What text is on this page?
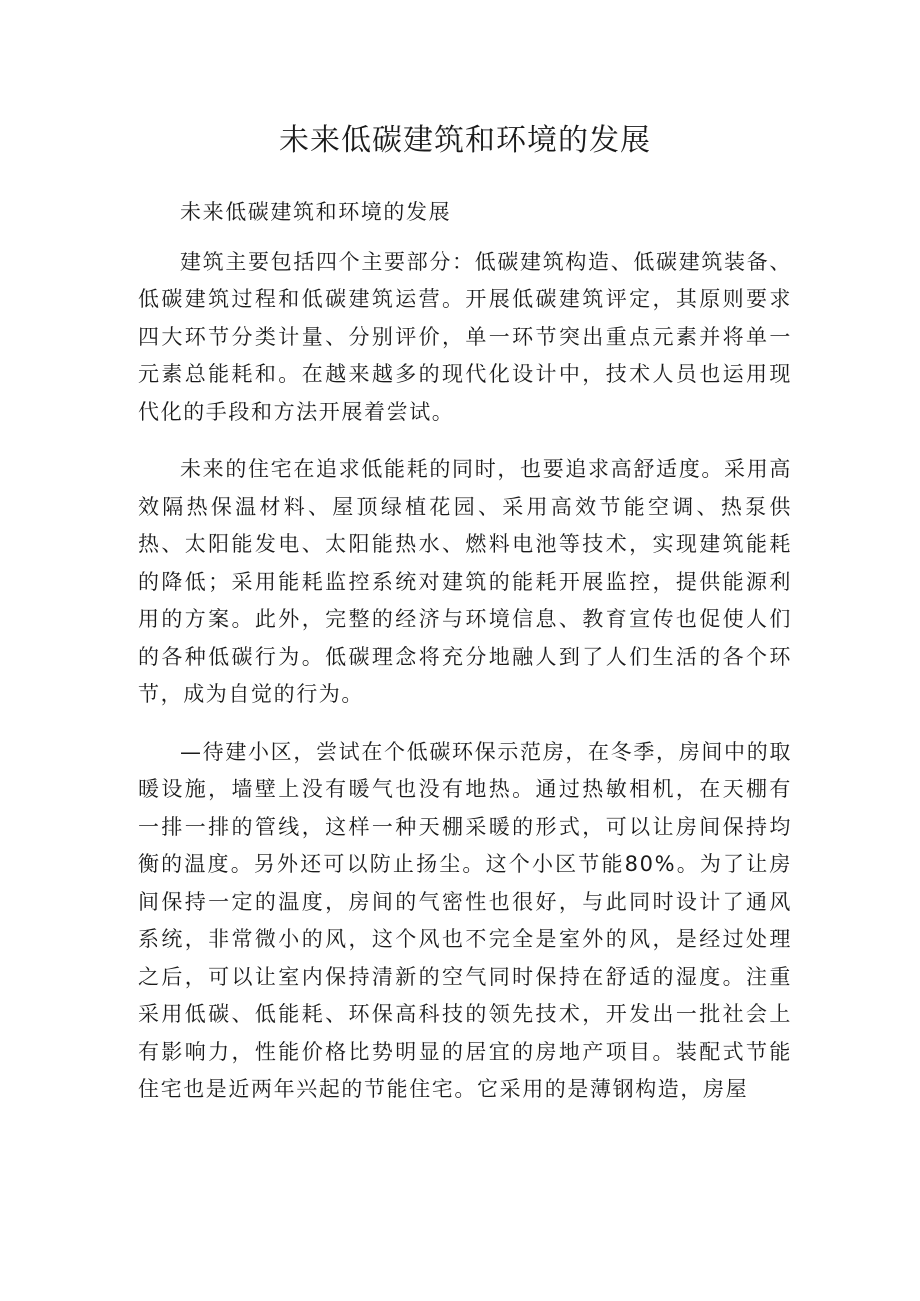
未来低碳建筑和环境的发展

未来低碳建筑和环境的发展

建筑主要包括四个主要部分：低碳建筑构造、低碳建筑装备、低碳建筑过程和低碳建筑运营。开展低碳建筑评定，其原则要求四大环节分类计量、分别评价，单一环节突出重点元素并将单一元素总能耗和。在越来越多的现代化设计中，技术人员也运用现代化的手段和方法开展着尝试。

未来的住宅在追求低能耗的同时，也要追求高舒适度。采用高效隔热保温材料、屋顶绿植花园、采用高效节能空调、热泵供热、太阳能发电、太阳能热水、燃料电池等技术，实现建筑能耗的降低；采用能耗监控系统对建筑的能耗开展监控，提供能源利用的方案。此外，完整的经济与环境信息、教育宣传也促使人们的各种低碳行为。低碳理念将充分地融人到了人们生活的各个环节，成为自觉的行为。

—待建小区，尝试在个低碳环保示范房，在冬季，房间中的取暖设施，墙壁上没有暖气也没有地热。通过热敏相机，在天棚有一排一排的管线，这样一种天棚采暖的形式，可以让房间保持均衡的温度。另外还可以防止扬尘。这个小区节能80%。为了让房间保持一定的温度，房间的气密性也很好，与此同时设计了通风系统，非常微小的风，这个风也不完全是室外的风，是经过处理之后，可以让室内保持清新的空气同时保持在舒适的湿度。注重采用低碳、低能耗、环保高科技的领先技术，开发出一批社会上有影响力，性能价格比势明显的居宜的房地产项目。装配式节能住宅也是近两年兴起的节能住宅。它采用的是薄钢构造，房屋
